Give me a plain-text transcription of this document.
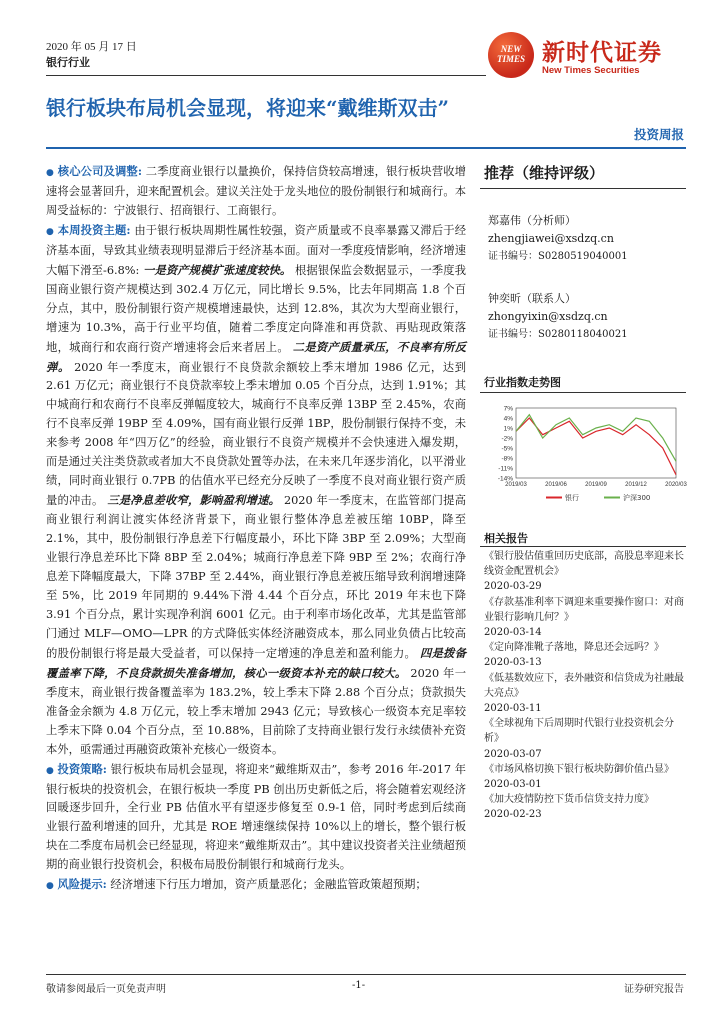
2020 年 05 月 17 日
银行行业
NEW TIMES 新时代证券
New Times Securities
银行板块布局机会显现，将迎来“戴维斯双击”
投资周报

● 核心公司及调整: 二季度商业银行以量换价，保持信贷较高增速，银行板块营收增速将会显著回升，迎来配置机会。建议关注处于龙头地位的股份制银行和城商行。本周受益标的：宁波银行、招商银行、工商银行。

● 本周投资主题: 由于银行板块周期性属性较强，资产质量或不良率暴露又滞后于经济基本面，导致其业绩表现明显滞后于经济基本面。面对一季度疫情影响，经济增速大幅下滑至-6.8%: 一是资产规模扩张速度较快。 根据银保监会数据显示，一季度我国商业银行资产规模达到 302.4 万亿元，同比增长 9.5%，比去年同期高 1.8 个百分点，其中，股份制银行资产规模增速最快，达到 12.8%，其次为大型商业银行，增速为 10.3%，高于行业平均值，随着二季度定向降准和再贷款、再贴现政策落地，城商行和农商行资产增速将会后来者居上。 二是资产质量承压，不良率有所反弹。 2020 年一季度末，商业银行不良贷款余额较上季末增加 1986 亿元，达到 2.61 万亿元；商业银行不良贷款率较上季末增加 0.05 个百分点，达到 1.91%；其中城商行和农商行不良率反弹幅度较大，城商行不良率反弹 13BP 至 2.45%，农商行不良率反弹 19BP 至 4.09%，国有商业银行反弹 1BP，股份制银行保持不变，未来参考 2008 年“四万亿”的经验，商业银行不良资产规模并不会快速进入爆发期，而是通过关注类贷款或者加大不良贷款处置等办法，在未来几年逐步消化，以平滑业绩，同时商业银行 0.7PB 的估值水平已经充分反映了一季度不良对商业银行资产质量的冲击。 三是净息差收窄，影响盈利增速。 2020 年一季度末，在监管部门提高商业银行利润让渡实体经济背景下，商业银行整体净息差被压缩 10BP，降至 2.1%，其中，股份制银行净息差下行幅度最小，环比下降 3BP 至 2.09%；大型商业银行净息差环比下降 8BP 至 2.04%；城商行净息差下降 9BP 至 2%；农商行净息差下降幅度最大，下降 37BP 至 2.44%，商业银行净息差被压缩导致利润增速降至 5%，比 2019 年同期的 9.44%下滑 4.44 个百分点，环比 2019 年末也下降 3.91 个百分点，累计实现净利润 6001 亿元。由于利率市场化改革，尤其是监管部门通过 MLF—OMO—LPR 的方式降低实体经济融资成本，那么同业负债占比较高的股份制银行将是最大受益者，可以保持一定增速的净息差和盈利能力。 四是拨备覆盖率下降，不良贷款损失准备增加，核心一级资本补充的缺口较大。 2020 年一季度末，商业银行拨备覆盖率为 183.2%，较上季末下降 2.88 个百分点；贷款损失准备金余额为 4.8 万亿元，较上季末增加 2943 亿元；导致核心一级资本充足率较上季末下降 0.04 个百分点，至 10.88%，目前除了支持商业银行发行永续债补充资本外，亟需通过再融资政策补充核心一级资本。

● 投资策略: 银行板块布局机会显现，将迎来“戴维斯双击”，参考 2016 年-2017 年银行板块的投资机会，在银行板块一季度 PB 创出历史新低之后，将会随着宏观经济回暖逐步回升，全行业 PB 估值水平有望逐步修复至 0.9-1 倍，同时考虑到后续商业银行盈利增速的回升，尤其是 ROE 增速继续保持 10%以上的增长，整个银行板块在二季度布局机会已经显现，将迎来“戴维斯双击”。其中建议投资者关注业绩超预期的商业银行投资机会，积极布局股份制银行和城商行龙头。

● 风险提示: 经济增速下行压力增加，资产质量恶化；金融监管政策超预期；

推荐（维持评级）
郑嘉伟（分析师）
zhengjiawei@xsdzq.cn
证书编号：S0280519040001
钟奕昕（联系人）
zhongyixin@xsdzq.cn
证书编号：S0280118040021
行业指数走势图
7%
4%
1%
-2%
-5%
-8%
-11%
-14%
2019/03	2019/06	2019/09	2019/12	2020/03
银行	沪深300
相关报告
《银行股估值重回历史底部，高股息率迎来长线资金配置机会》
2020-03-29
《存款基准利率下调迎来重要操作窗口：对商业银行影响几何？》
2020-03-14
《定向降准靴子落地，降息还会远吗？》
2020-03-13
《低基数效应下，表外融资和信贷成为社融最大亮点》
2020-03-11
《全球视角下后周期时代银行业投资机会分析》
2020-03-07
《市场风格切换下银行板块防御价值凸显》
2020-03-01
《加大疫情防控下货币信贷支持力度》
2020-02-23
敬请参阅最后一页免责声明	-1-	证券研究报告
